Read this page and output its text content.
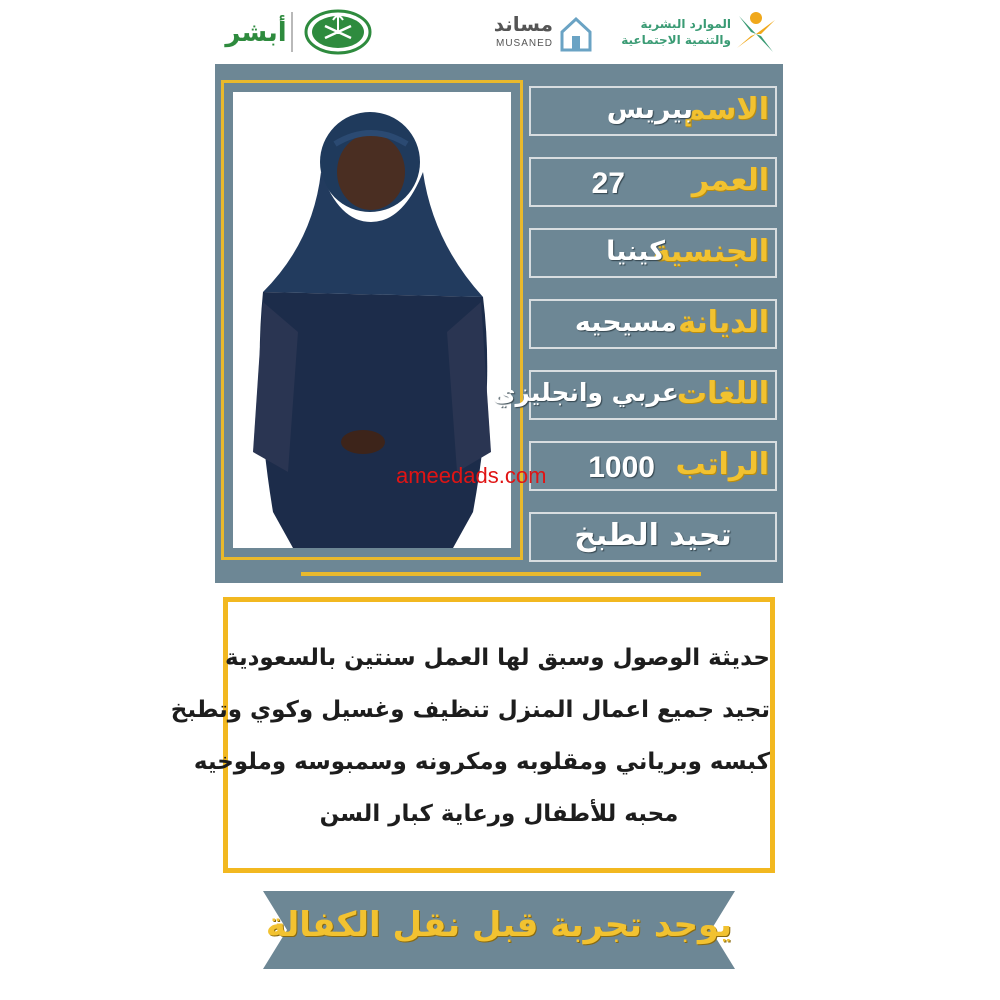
أبشر	مساند
MUSANED
الموارد البشرية والتنمية الاجتماعية
الاسم
بيريس
العمر
27
الجنسية
كينيا
الديانة
مسيحيه
اللغات
عربي وانجليزي
الراتب
1000
تجيد الطبخ
حديثة الوصول وسبق لها العمل سنتين بالسعودية
تجيد جميع اعمال المنزل تنظيف وغسيل وكوي وتطبخ
كبسه وبرياني ومقلوبه ومكرونه وسمبوسه وملوخيه
محبه للأطفال ورعاية كبار السن
يوجد تجربة قبل نقل الكفالة
ameedads.com
